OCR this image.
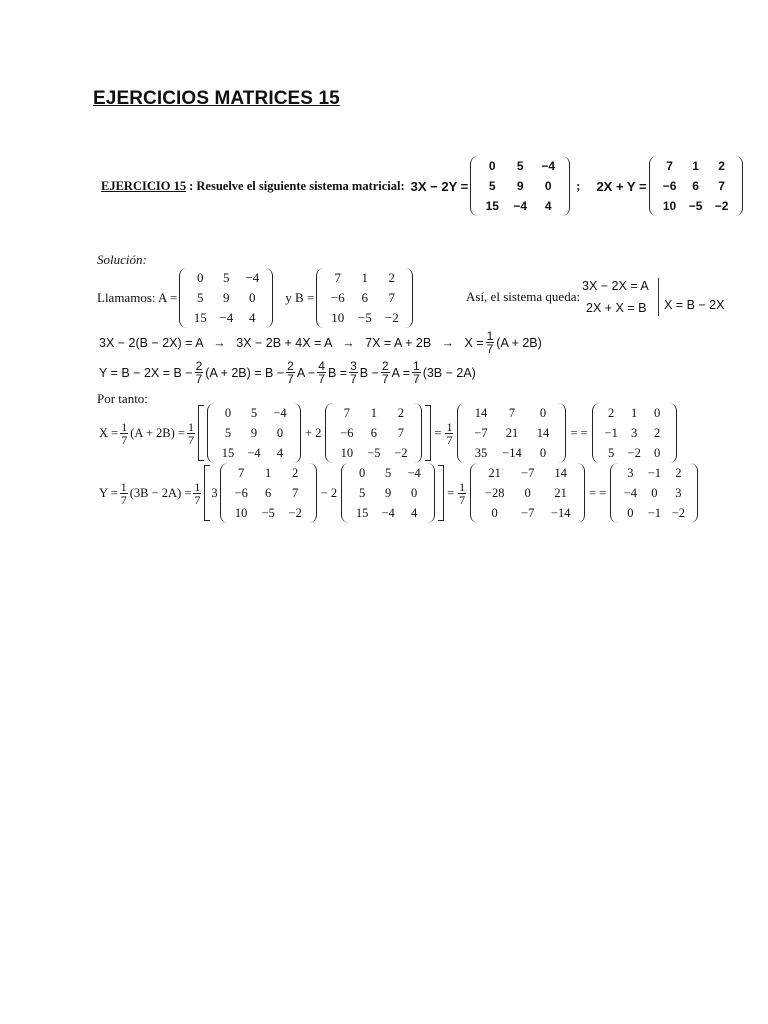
EJERCICIOS MATRICES 15
EJERCICIO 15 : Resuelve el siguiente sistema matricial: 3X − 2Y =
0	5	−4
5	9	0
15	−4	4
; 2X + Y =
7	1	2
−6	6	7
10	−5	−2
Solución:
Llamamos: A =
0	5	−4
5	9	0
15 −4	4
y B =
7	1	2
−6	6	7
10	−5	−2
Así, el sistema queda:
3X − 2X = A
2X + X = B X = B − 2X
$3X - 2(B - 2X) = A \to 3X - 2B + 4X = A \to 7X = A + 2B \to X = \frac{1}{7} (A + 2B)$
$Y = B - 2X = B - \frac{2}{7} (A + 2B) = B - \frac{2}{7}$ $A - \frac{4}{7}$ $B = \frac{3}{7}$ $B - \frac{2}{7}$ $A = \frac{1}{7} (3B - 2A)$
Por tanto:
$X = \frac{1}{7} (A + 2B) = \frac{1}{7}$
0	5	−4
5	9	0
15	−4	4
+ 2
7	1	2
−6	6	7
10	−5	−2
= $\frac{1}{7}$
14	7	0
−7	21	14
35	−14	0
= =
2	1	0
−1	3	2
5	−2	0
$Y = \frac{1}{7} (3B - 2A) = \frac{1}{7} 3$
7	1	2
−6	6	7
10	−5	−2
− 2
0	5	−4
5	9	0
15	−4	4
= $\frac{1}{7}$
21	−7	14
−28	0	21
0	−7	−14
= =
3	−1	2
−4	0	3
0	−1 −2
